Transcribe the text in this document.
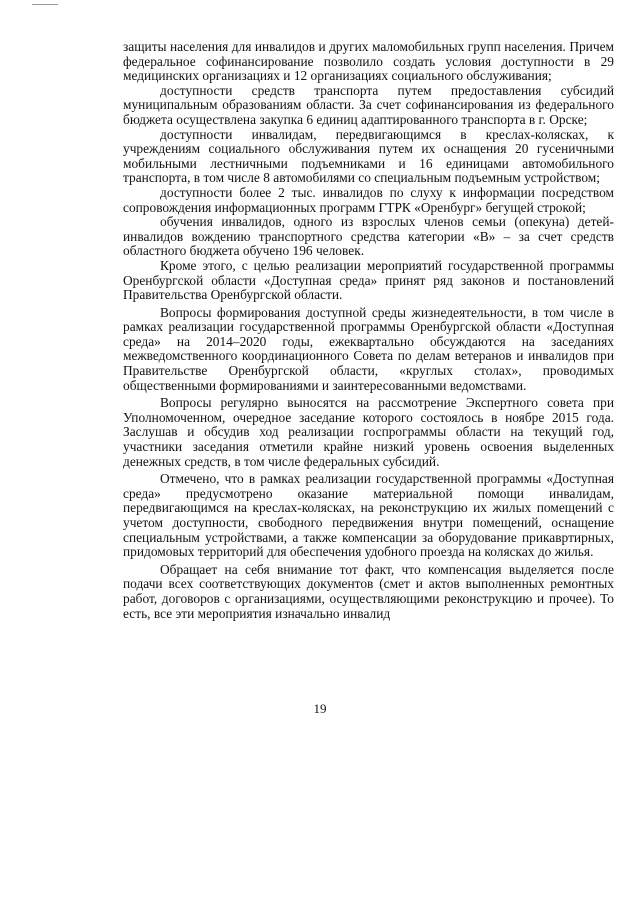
защиты населения для инвалидов и других маломобильных групп населения. Причем федеральное софинансирование позволило создать условия доступности в 29 медицинских организациях и 12 организациях социального обслуживания;

доступности средств транспорта путем предоставления субсидий муниципальным образованиям области. За счет софинансирования из федерального бюджета осуществлена закупка 6 единиц адаптированного транспорта в г. Орске;

доступности инвалидам, передвигающимся в креслах-колясках, к учреждениям социального обслуживания путем их оснащения 20 гусеничными мобильными лестничными подъемниками и 16 единицами автомобильного транспорта, в том числе 8 автомобилями со специальным подъемным устройством;

доступности более 2 тыс. инвалидов по слуху к информации посредством сопровождения информационных программ ГТРК «Оренбург» бегущей строкой;

обучения инвалидов, одного из взрослых членов семьи (опекуна) детей-инвалидов вождению транспортного средства категории «В» – за счет средств областного бюджета обучено 196 человек.

Кроме этого, с целью реализации мероприятий государственной программы Оренбургской области «Доступная среда» принят ряд законов и постановлений Правительства Оренбургской области.

Вопросы формирования доступной среды жизнедеятельности, в том числе в рамках реализации государственной программы Оренбургской области «Доступная среда» на 2014–2020 годы, ежеквартально обсуждаются на заседаниях межведомственного координационного Совета по делам ветеранов и инвалидов при Правительстве Оренбургской области, «круглых столах», проводимых общественными формированиями и заинтересованными ведомствами.

Вопросы регулярно выносятся на рассмотрение Экспертного совета при Уполномоченном, очередное заседание которого состоялось в ноябре 2015 года. Заслушав и обсудив ход реализации госпрограммы области на текущий год, участники заседания отметили крайне низкий уровень освоения выделенных денежных средств, в том числе федеральных субсидий.

Отмечено, что в рамках реализации государственной программы «Доступная среда» предусмотрено оказание материальной помощи инвалидам, передвигающимся на креслах-колясках, на реконструкцию их жилых помещений с учетом доступности, свободного передвижения внутри помещений, оснащение специальным устройствами, а также компенсации за оборудование прикавртирных, придомовых территорий для обеспечения удобного проезда на колясках до жилья.

Обращает на себя внимание тот факт, что компенсация выделяется после подачи всех соответствующих документов (смет и актов выполненных ремонтных работ, договоров с организациями, осуществляющими реконструкцию и прочее). То есть, все эти мероприятия изначально инвалид

19
